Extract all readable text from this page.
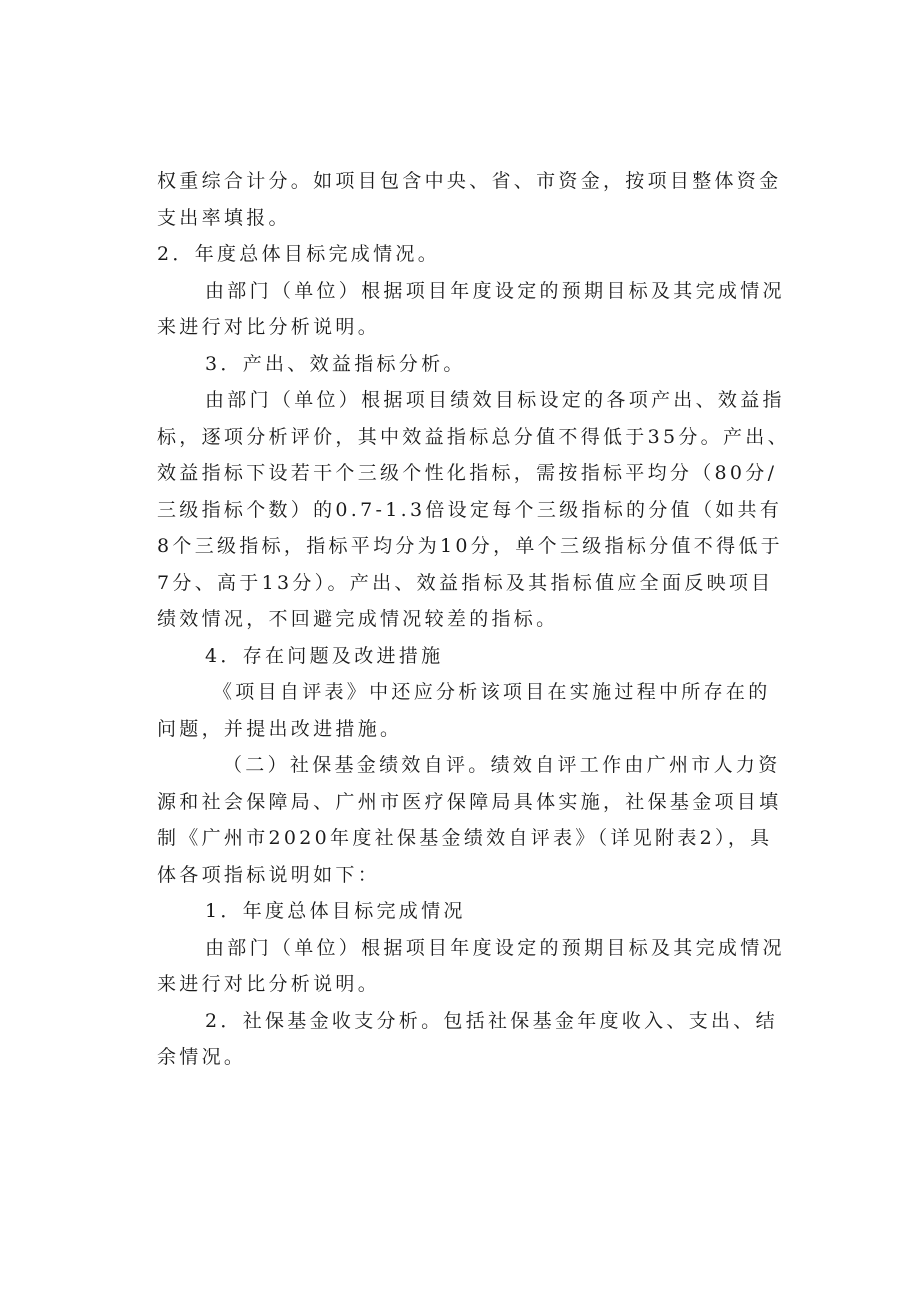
权重综合计分。如项目包含中央、省、市资金，按项目整体资金

支出率填报。

2．年度总体目标完成情况。

由部门（单位）根据项目年度设定的预期目标及其完成情况

来进行对比分析说明。

3．产出、效益指标分析。

由部门（单位）根据项目绩效目标设定的各项产出、效益指

标，逐项分析评价，其中效益指标总分值不得低于35分。产出、

效益指标下设若干个三级个性化指标，需按指标平均分（80分/

三级指标个数）的0.7-1.3倍设定每个三级指标的分值（如共有

8个三级指标，指标平均分为10分，单个三级指标分值不得低于

7分、高于13分）。产出、效益指标及其指标值应全面反映项目

绩效情况，不回避完成情况较差的指标。

4．存在问题及改进措施

《项目自评表》中还应分析该项目在实施过程中所存在的

问题，并提出改进措施。

（二）社保基金绩效自评。绩效自评工作由广州市人力资

源和社会保障局、广州市医疗保障局具体实施，社保基金项目填

制《广州市2020年度社保基金绩效自评表》（详见附表2），具

体各项指标说明如下：

1．年度总体目标完成情况

由部门（单位）根据项目年度设定的预期目标及其完成情况

来进行对比分析说明。

2．社保基金收支分析。包括社保基金年度收入、支出、结

余情况。
